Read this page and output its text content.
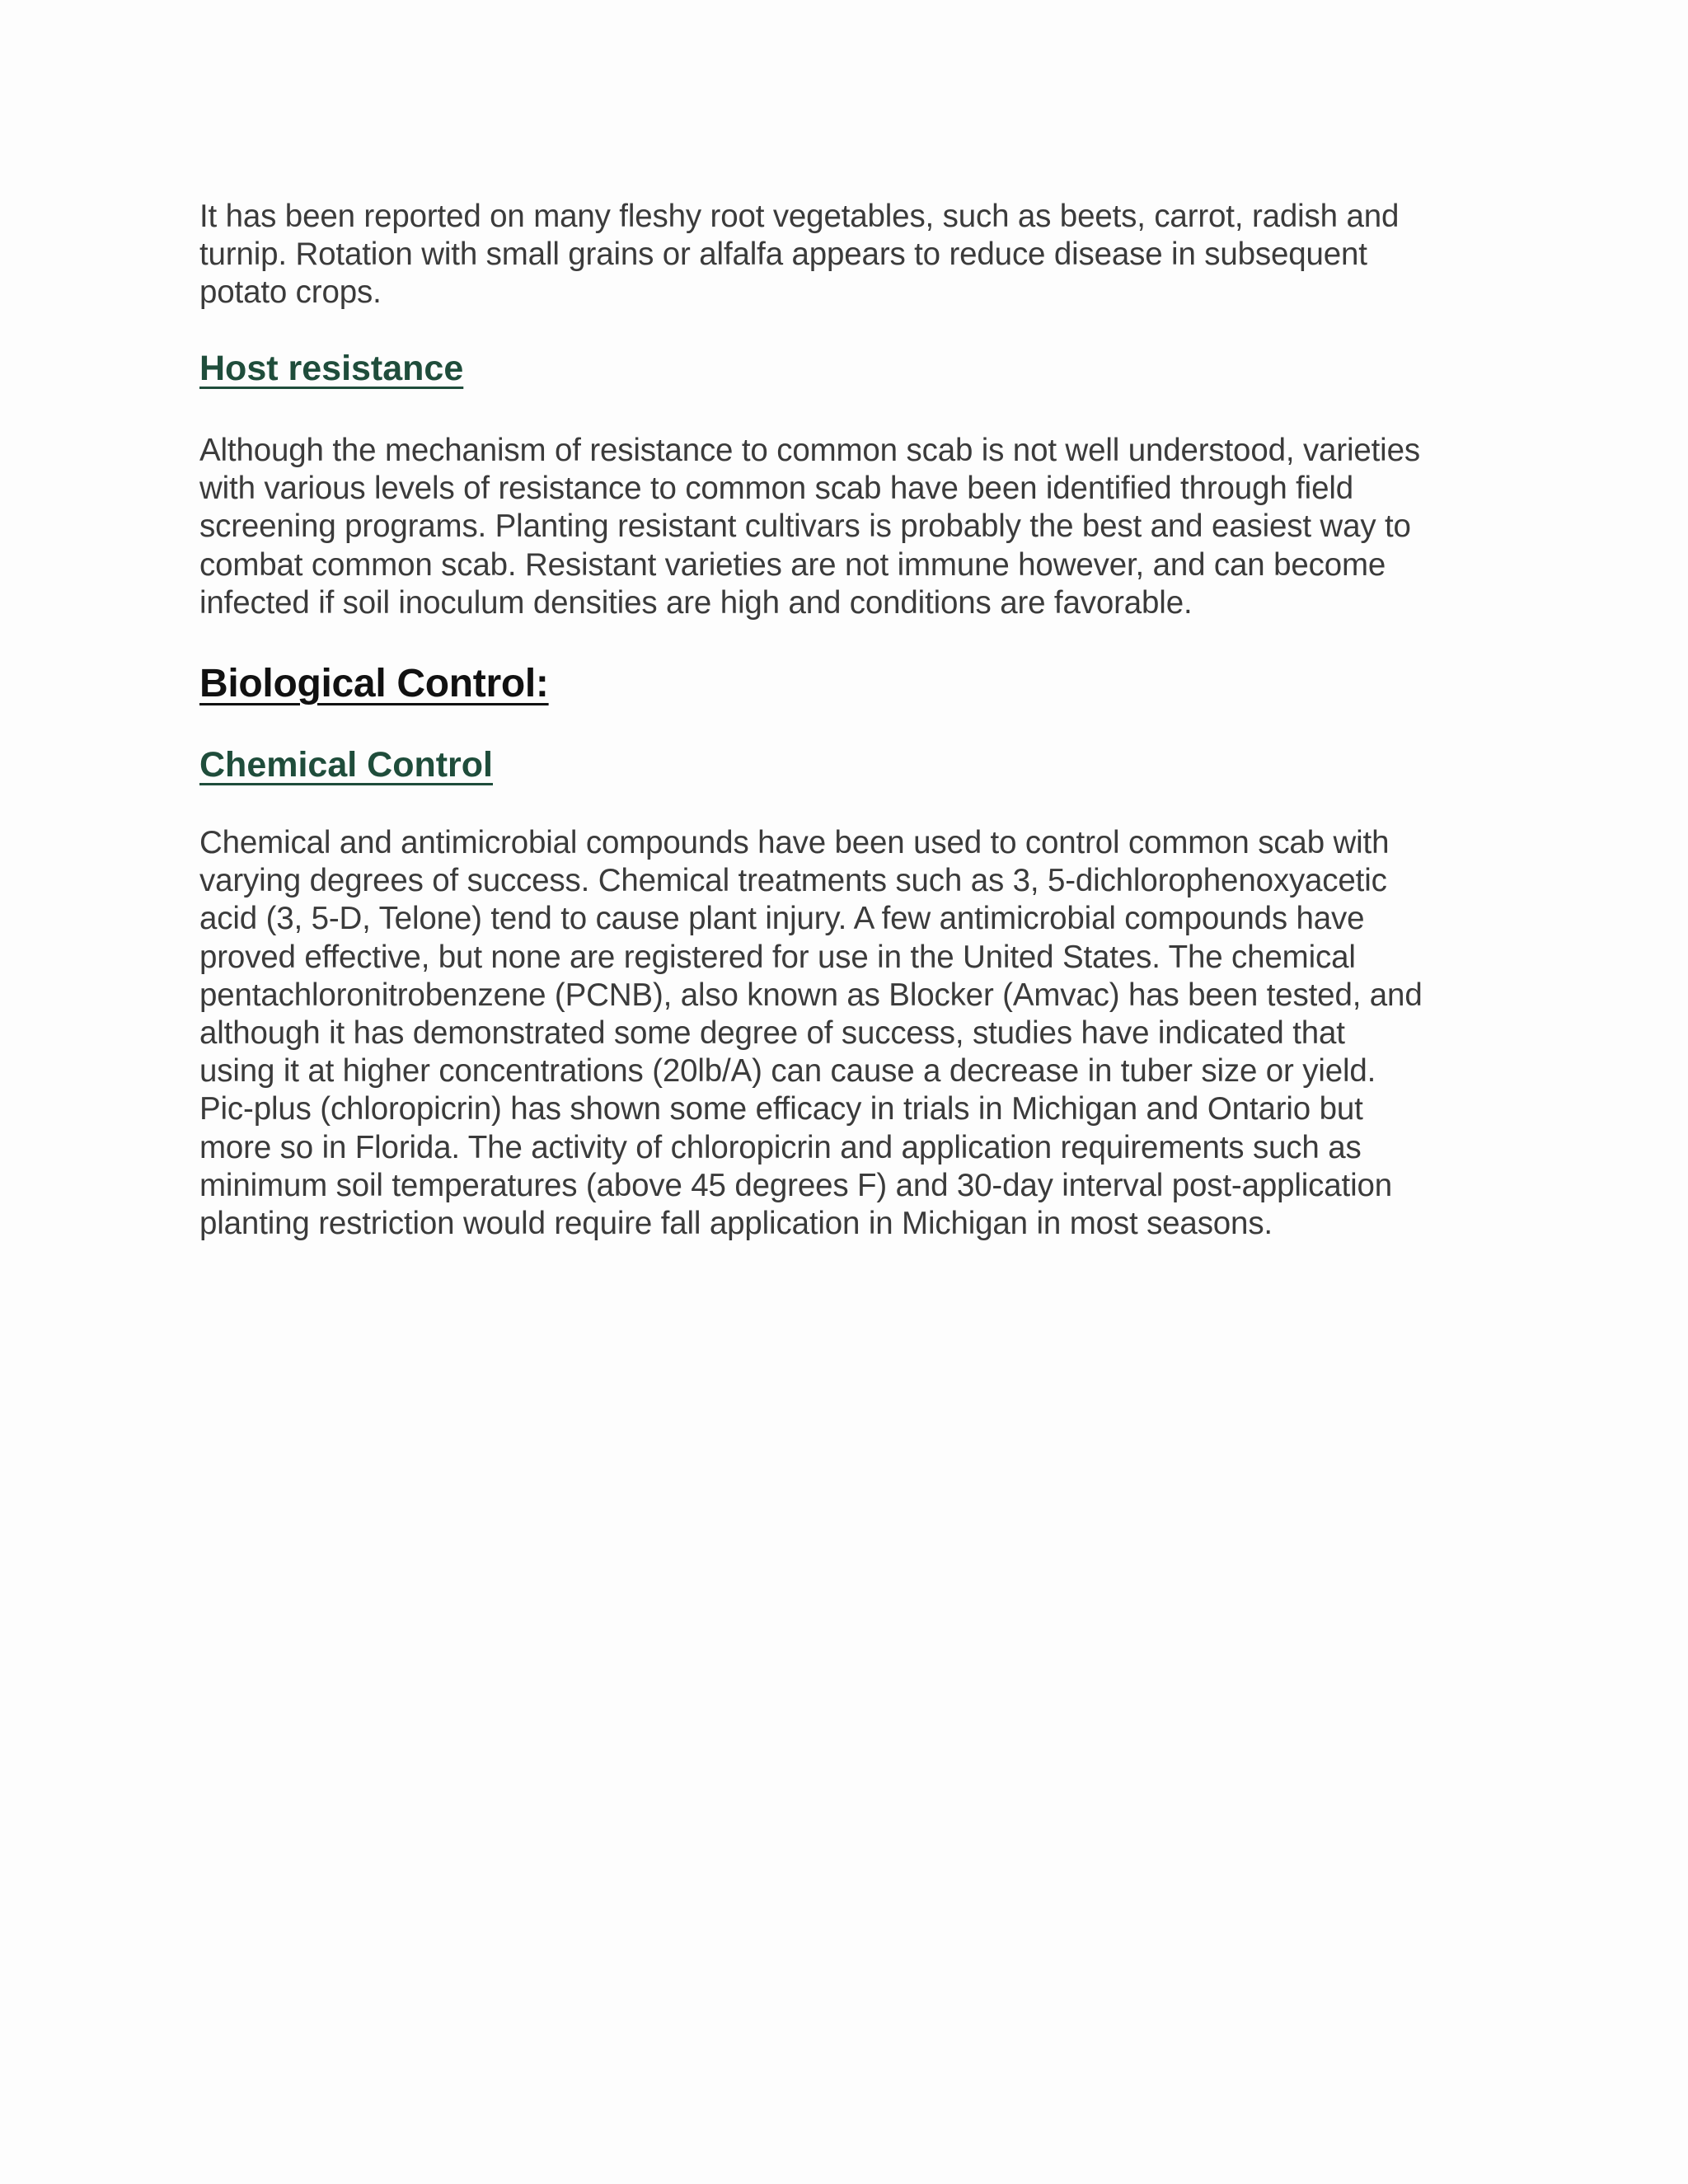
It has been reported on many fleshy root vegetables, such as beets, carrot, radish and
turnip. Rotation with small grains or alfalfa appears to reduce disease in subsequent
potato crops.

Host resistance

Although the mechanism of resistance to common scab is not well understood, varieties
with various levels of resistance to common scab have been identified through field
screening programs. Planting resistant cultivars is probably the best and easiest way to
combat common scab. Resistant varieties are not immune however, and can become
infected if soil inoculum densities are high and conditions are favorable.

Biological Control:
Chemical Control

Chemical and antimicrobial compounds have been used to control common scab with
varying degrees of success. Chemical treatments such as 3, 5-dichlorophenoxyacetic
acid (3, 5-D, Telone) tend to cause plant injury. A few antimicrobial compounds have
proved effective, but none are registered for use in the United States. The chemical
pentachloronitrobenzene (PCNB), also known as Blocker (Amvac) has been tested, and
although it has demonstrated some degree of success, studies have indicated that
using it at higher concentrations (20lb/A) can cause a decrease in tuber size or yield.
Pic-plus (chloropicrin) has shown some efficacy in trials in Michigan and Ontario but
more so in Florida. The activity of chloropicrin and application requirements such as
minimum soil temperatures (above 45 degrees F) and 30-day interval post-application
planting restriction would require fall application in Michigan in most seasons.
